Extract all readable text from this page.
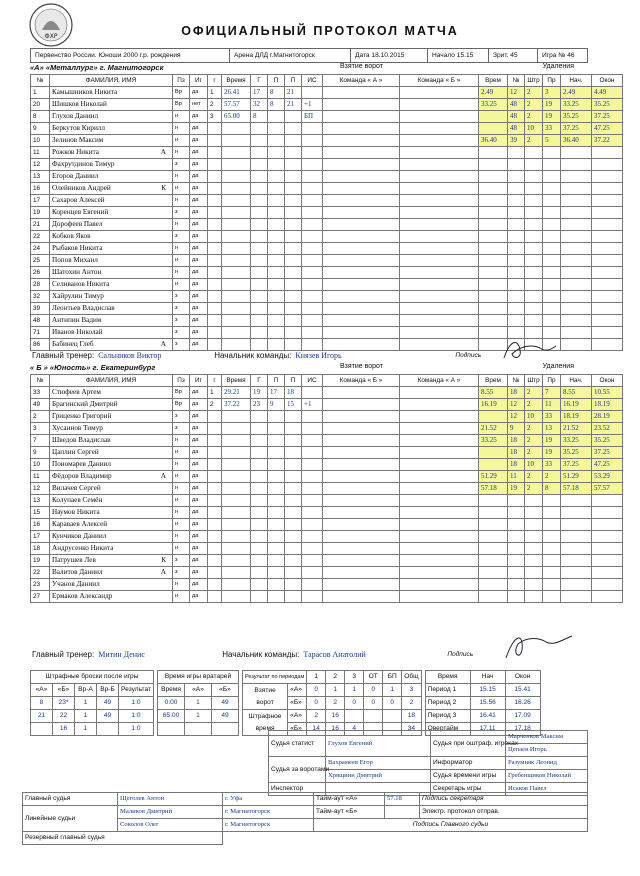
ФХР	ОФИЦИАЛЬНЫЙ ПРОТОКОЛ МАТЧА
Первенство России. Юноши 2000 г.р. рождения	Арена ДЛД г.Магнитогорск	Дата 18.10.2015	Начало 15.15	Зрит. 45	Игра № 46
«А» «Металлург» г. Магнитогорск	Взятие ворот	Удаления
№	ФАМИЛИЯ, ИМЯ	Пз	Иг	г	Время	Г	П	П	ИС	Команда « А »	Команда « Б »	Врем	№	Штр	Пр	Нач.	Окон
1	Камышников Никита	Вр	да	1	26.41	17	8	21				2.49	12	2	3	2.49	4.49
20	Шишков Николай	Вр	нет	2	57.57	32	8	21	+1			33.25	48	2	19	33.25	35.25
8	Глухов Даниил	н	да	3	65.00	8			БП				48	2	19	35.25	37.25
9	Беркутов Кирилл	н	да										48	10	33	37.25	47.25
10	Зелинов Максим	н	да									36.40	39	2	5	36.40	37.22
11	Рожков Никита А	н	да														
12	Фахрутдинов Тимур	з	да														
13	Егоров Даниил	н	да														
16	Олейников Андрей К	н	да														
17	Сахаров Алексей	н	да														
19	Коренцев Евгений	з	да														
21	Дорофеев Павел	н	да														
22	Кобков Яков	з	да														
24	Рыбаков Никита	н	да														
25	Попов Михаил	н	да														
26	Шатохин Антон	н	да														
28	Селиванов Никита	н	да														
32	Хайрулин Тимур	з	да														
39	Леонтьев Владислав	з	да														
48	Антипин Вадим	з	да														
71	Иванов Николай	з	да														
86	Бабинец Глеб А	з	да														
Главный тренер: Сальников Виктор	Начальник команды: Князев Игорь	Подпись
« Б » «Юность» г. Екатеринбург	Взятие ворот	Удаления
№	ФАМИЛИЯ, ИМЯ	Пз	Иг	г	Время	Г	П	П	ИС	Команда « Б »	Команда « А »	Врем	№	Штр	Пр	Нач.	Окон
33	Стюфеев Артем	Вр	да	1	29.21	19	17	18				8.55	18	2	7	8.55	10.55
49	Брагинский Дмитрий	Вр	да	2	37.22	23	9	15	+1			16.19	12	2	11	16.19	18.19
2	Гриценко Григорий	з	да										12	10	33	18.19	28.19
3	Хусаинов Тимур	з	да									21.52	9	2	13	21.52	23.52
7	Шведов Владислав	н	да									33.25	18	2	19	33.25	35.25
9	Цаплин Сергей	н	да										18	2	19	35.25	37.25
10	Пономарев Даниил	н	да										18	10	33	37.25	47.25
11	Фёдоров Владимир А	н	да									51.29	11	2	2	51.29	53.29
12	Вилачев Сергей	н	да									57.18	19	2	8	57.18	57.57
13	Колупаев Семён	н	да														
15	Наумов Никита	н	да														
16	Караваев Алексей	н	да														
17	Кунчиков Даниил	н	да														
18	Андрусенко Никита	н	да														
19	Патрушев Лев К	з	да														
22	Валитов Даниил А	з	да														
23	Учанов Даниил	н	да														
27	Ермаков Александр	н	да														
Главный тренер: Митин Денис	Начальник команды: Тарасов Анатолий	Подпись
Штрафные броски после игры				
«А»	«Б»	Вр-А	Вр-Б	Результат
8	23*	1	49	1:0
21	22	1	49	1:0
	16	1		1:0
Время игры вратарей		
Время	«А»	«Б»
0.00	1	49
65.00	1	49

Результат по периодам		1	2	3	ОТ	БП	Общ
Взятие ворот	«А»	0	1	1	0	1	3
	«Б»	0	2	0	0	0	2
Штрафное время	«А»	2	16				18
	«Б»	14	16	4			34
Время	Нач	Окон
Период 1	15.15	15.41
Период 2	15.56	16.26
Период 3	16.41	17.09
Овертайм	17.11	17.18
Судья статист	Глухов Евгений	Судья при оштраф. игроках	Марченков Максим
			Цепаев Игорь
Судья за воротами	Вахрамеев Егор	Информатор	Разумняк Леонид
	Хрящиин Дмитрий	Судья времени игры	Гребенщиков Николай
Инспектор		Секретарь игры	Исаков Павел
Главный судья	Щеголев Антон	г. Уфа	Тайм-аут «А»	57.18	Подпись секретаря
Линейные судьи	Маликов Дмитрий	г. Магнитогорск	Тайм-аут «Б»		Электр. протокол отправ.
	Соколов Олег	г. Магнитогорск	Подпись Главного судьи		
Резервный главный судья					
